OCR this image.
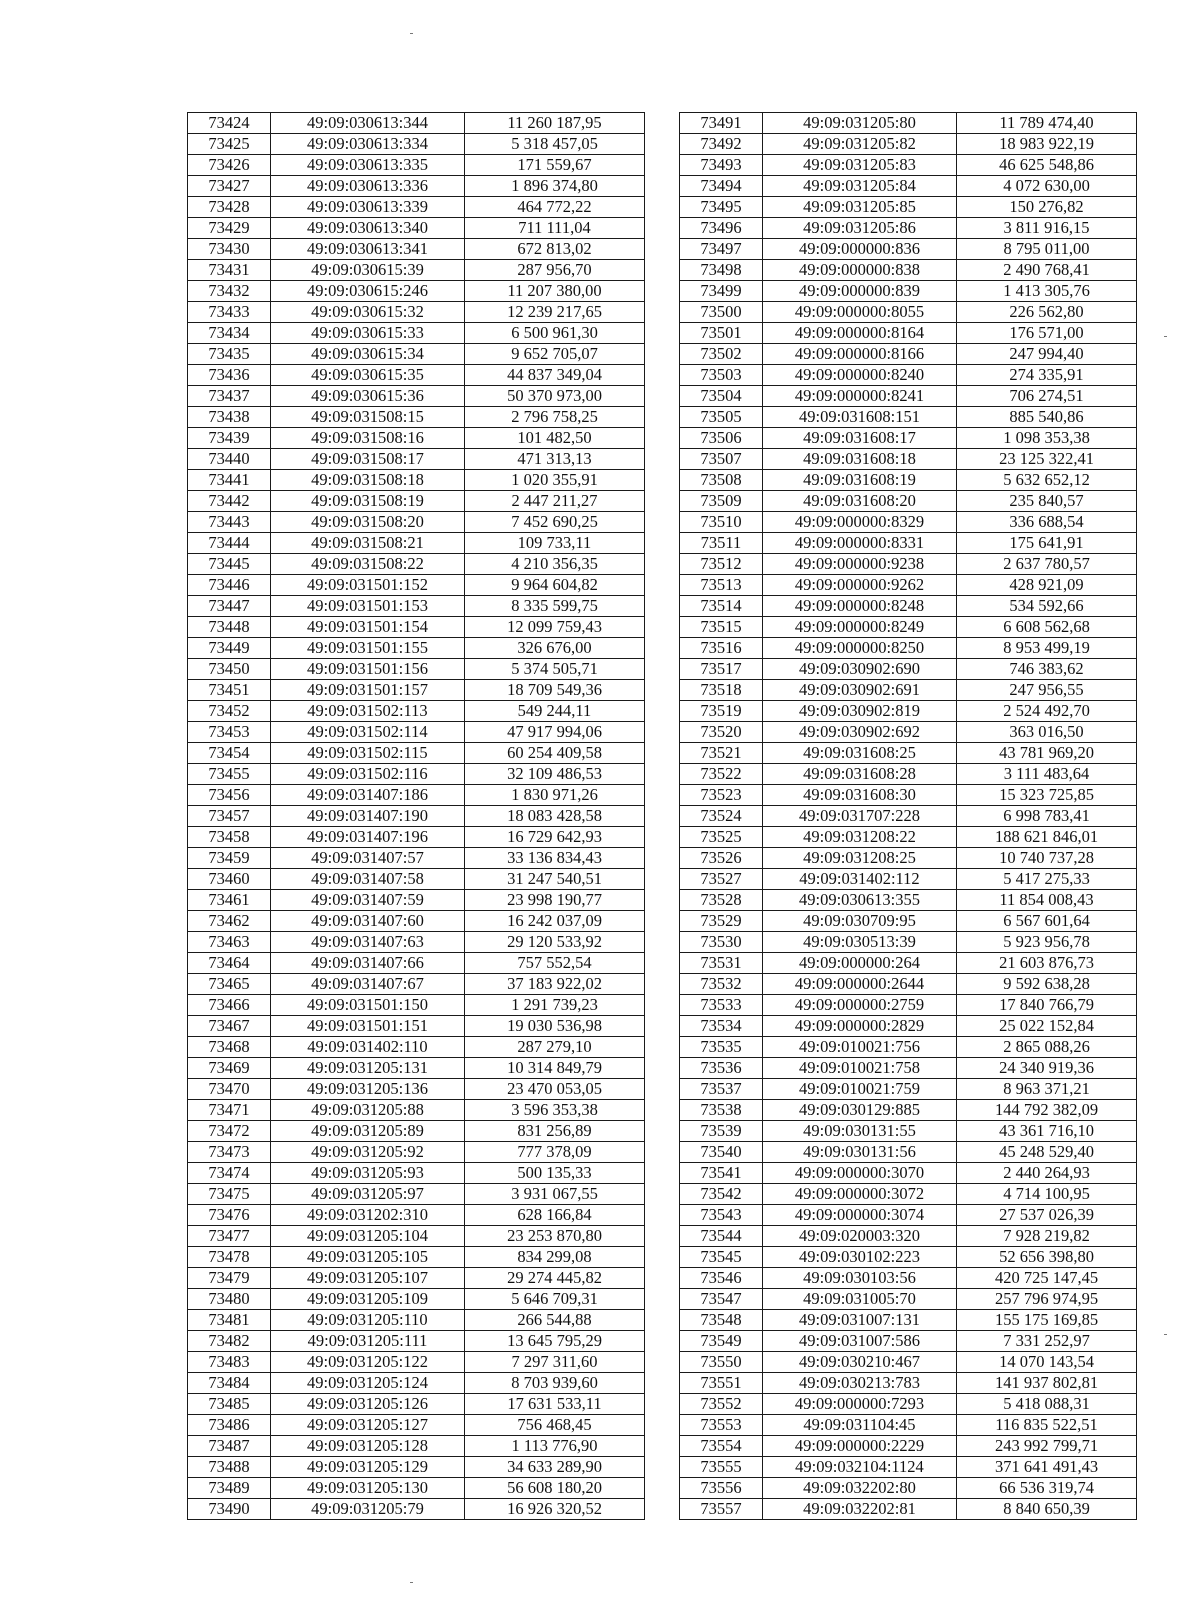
73424	49:09:030613:344	11 260 187,95
73425	49:09:030613:334	5 318 457,05
73426	49:09:030613:335	171 559,67
73427	49:09:030613:336	1 896 374,80
73428	49:09:030613:339	464 772,22
73429	49:09:030613:340	711 111,04
73430	49:09:030613:341	672 813,02
73431	49:09:030615:39	287 956,70
73432	49:09:030615:246	11 207 380,00
73433	49:09:030615:32	12 239 217,65
73434	49:09:030615:33	6 500 961,30
73435	49:09:030615:34	9 652 705,07
73436	49:09:030615:35	44 837 349,04
73437	49:09:030615:36	50 370 973,00
73438	49:09:031508:15	2 796 758,25
73439	49:09:031508:16	101 482,50
73440	49:09:031508:17	471 313,13
73441	49:09:031508:18	1 020 355,91
73442	49:09:031508:19	2 447 211,27
73443	49:09:031508:20	7 452 690,25
73444	49:09:031508:21	109 733,11
73445	49:09:031508:22	4 210 356,35
73446	49:09:031501:152	9 964 604,82
73447	49:09:031501:153	8 335 599,75
73448	49:09:031501:154	12 099 759,43
73449	49:09:031501:155	326 676,00
73450	49:09:031501:156	5 374 505,71
73451	49:09:031501:157	18 709 549,36
73452	49:09:031502:113	549 244,11
73453	49:09:031502:114	47 917 994,06
73454	49:09:031502:115	60 254 409,58
73455	49:09:031502:116	32 109 486,53
73456	49:09:031407:186	1 830 971,26
73457	49:09:031407:190	18 083 428,58
73458	49:09:031407:196	16 729 642,93
73459	49:09:031407:57	33 136 834,43
73460	49:09:031407:58	31 247 540,51
73461	49:09:031407:59	23 998 190,77
73462	49:09:031407:60	16 242 037,09
73463	49:09:031407:63	29 120 533,92
73464	49:09:031407:66	757 552,54
73465	49:09:031407:67	37 183 922,02
73466	49:09:031501:150	1 291 739,23
73467	49:09:031501:151	19 030 536,98
73468	49:09:031402:110	287 279,10
73469	49:09:031205:131	10 314 849,79
73470	49:09:031205:136	23 470 053,05
73471	49:09:031205:88	3 596 353,38
73472	49:09:031205:89	831 256,89
73473	49:09:031205:92	777 378,09
73474	49:09:031205:93	500 135,33
73475	49:09:031205:97	3 931 067,55
73476	49:09:031202:310	628 166,84
73477	49:09:031205:104	23 253 870,80
73478	49:09:031205:105	834 299,08
73479	49:09:031205:107	29 274 445,82
73480	49:09:031205:109	5 646 709,31
73481	49:09:031205:110	266 544,88
73482	49:09:031205:111	13 645 795,29
73483	49:09:031205:122	7 297 311,60
73484	49:09:031205:124	8 703 939,60
73485	49:09:031205:126	17 631 533,11
73486	49:09:031205:127	756 468,45
73487	49:09:031205:128	1 113 776,90
73488	49:09:031205:129	34 633 289,90
73489	49:09:031205:130	56 608 180,20
73490	49:09:031205:79	16 926 320,52
73491	49:09:031205:80	11 789 474,40
73492	49:09:031205:82	18 983 922,19
73493	49:09:031205:83	46 625 548,86
73494	49:09:031205:84	4 072 630,00
73495	49:09:031205:85	150 276,82
73496	49:09:031205:86	3 811 916,15
73497	49:09:000000:836	8 795 011,00
73498	49:09:000000:838	2 490 768,41
73499	49:09:000000:839	1 413 305,76
73500	49:09:000000:8055	226 562,80
73501	49:09:000000:8164	176 571,00
73502	49:09:000000:8166	247 994,40
73503	49:09:000000:8240	274 335,91
73504	49:09:000000:8241	706 274,51
73505	49:09:031608:151	885 540,86
73506	49:09:031608:17	1 098 353,38
73507	49:09:031608:18	23 125 322,41
73508	49:09:031608:19	5 632 652,12
73509	49:09:031608:20	235 840,57
73510	49:09:000000:8329	336 688,54
73511	49:09:000000:8331	175 641,91
73512	49:09:000000:9238	2 637 780,57
73513	49:09:000000:9262	428 921,09
73514	49:09:000000:8248	534 592,66
73515	49:09:000000:8249	6 608 562,68
73516	49:09:000000:8250	8 953 499,19
73517	49:09:030902:690	746 383,62
73518	49:09:030902:691	247 956,55
73519	49:09:030902:819	2 524 492,70
73520	49:09:030902:692	363 016,50
73521	49:09:031608:25	43 781 969,20
73522	49:09:031608:28	3 111 483,64
73523	49:09:031608:30	15 323 725,85
73524	49:09:031707:228	6 998 783,41
73525	49:09:031208:22	188 621 846,01
73526	49:09:031208:25	10 740 737,28
73527	49:09:031402:112	5 417 275,33
73528	49:09:030613:355	11 854 008,43
73529	49:09:030709:95	6 567 601,64
73530	49:09:030513:39	5 923 956,78
73531	49:09:000000:264	21 603 876,73
73532	49:09:000000:2644	9 592 638,28
73533	49:09:000000:2759	17 840 766,79
73534	49:09:000000:2829	25 022 152,84
73535	49:09:010021:756	2 865 088,26
73536	49:09:010021:758	24 340 919,36
73537	49:09:010021:759	8 963 371,21
73538	49:09:030129:885	144 792 382,09
73539	49:09:030131:55	43 361 716,10
73540	49:09:030131:56	45 248 529,40
73541	49:09:000000:3070	2 440 264,93
73542	49:09:000000:3072	4 714 100,95
73543	49:09:000000:3074	27 537 026,39
73544	49:09:020003:320	7 928 219,82
73545	49:09:030102:223	52 656 398,80
73546	49:09:030103:56	420 725 147,45
73547	49:09:031005:70	257 796 974,95
73548	49:09:031007:131	155 175 169,85
73549	49:09:031007:586	7 331 252,97
73550	49:09:030210:467	14 070 143,54
73551	49:09:030213:783	141 937 802,81
73552	49:09:000000:7293	5 418 088,31
73553	49:09:031104:45	116 835 522,51
73554	49:09:000000:2229	243 992 799,71
73555	49:09:032104:1124	371 641 491,43
73556	49:09:032202:80	66 536 319,74
73557	49:09:032202:81	8 840 650,39
